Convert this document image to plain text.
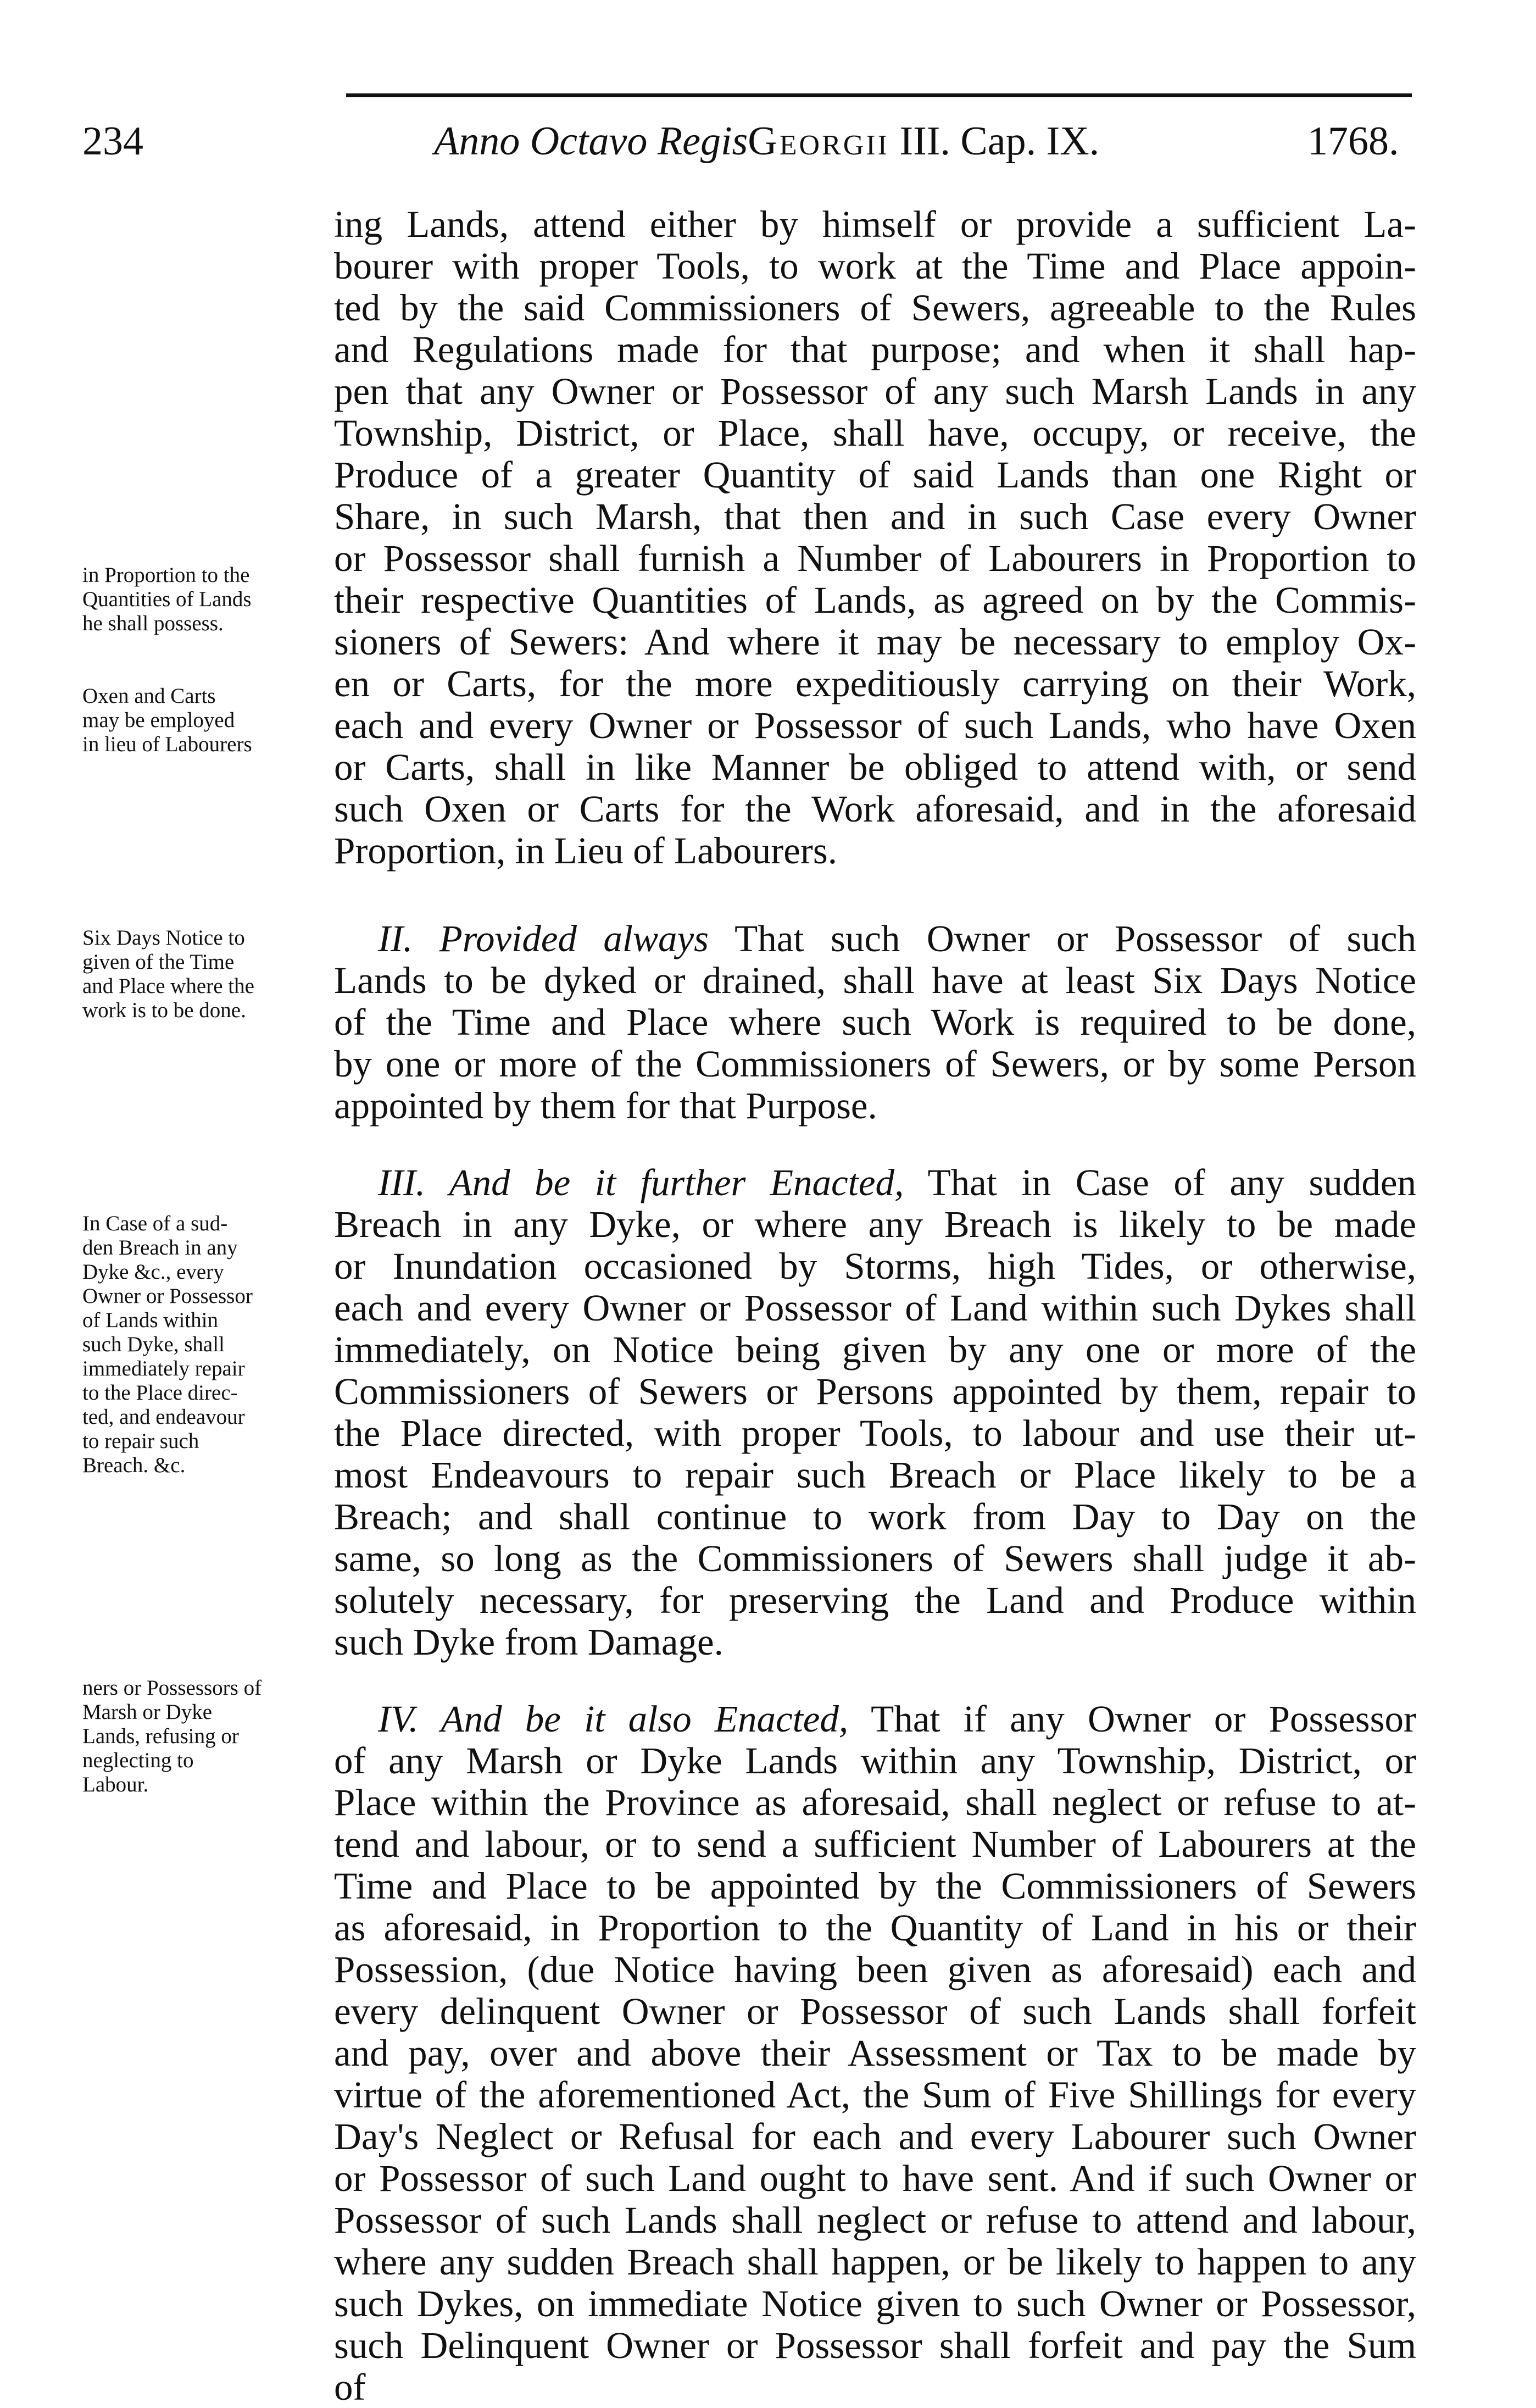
234	Anno Octavo RegisGeorgii III. Cap. IX.	1768.
ing Lands, attend either by himself or provide a sufficient La-
bourer with proper Tools, to work at the Time and Place appoin-
ted by the said Commissioners of Sewers, agreeable to the Rules
and Regulations made for that purpose; and when it shall hap-
pen that any Owner or Possessor of any such Marsh Lands in any
Township, District, or Place, shall have, occupy, or receive, the
Produce of a greater Quantity of said Lands than one Right or
Share, in such Marsh, that then and in such Case every Owner
or Possessor shall furnish a Number of Labourers in Proportion to
their respective Quantities of Lands, as agreed on by the Commis-
sioners of Sewers: And where it may be necessary to employ Ox-
en or Carts, for the more expeditiously carrying on their Work,
each and every Owner or Possessor of such Lands, who have Oxen
or Carts, shall in like Manner be obliged to attend with, or send
such Oxen or Carts for the Work aforesaid, and in the aforesaid
Proportion, in Lieu of Labourers.
II. Provided always That such Owner or Possessor of such
Lands to be dyked or drained, shall have at least Six Days Notice
of the Time and Place where such Work is required to be done,
by one or more of the Commissioners of Sewers, or by some Person
appointed by them for that Purpose.
III. And be it further Enacted, That in Case of any sudden
Breach in any Dyke, or where any Breach is likely to be made
or Inundation occasioned by Storms, high Tides, or otherwise,
each and every Owner or Possessor of Land within such Dykes shall
immediately, on Notice being given by any one or more of the
Commissioners of Sewers or Persons appointed by them, repair to
the Place directed, with proper Tools, to labour and use their ut-
most Endeavours to repair such Breach or Place likely to be a
Breach; and shall continue to work from Day to Day on the
same, so long as the Commissioners of Sewers shall judge it ab-
solutely necessary, for preserving the Land and Produce within
such Dyke from Damage.
IV. And be it also Enacted, That if any Owner or Possessor
of any Marsh or Dyke Lands within any Township, District, or
Place within the Province as aforesaid, shall neglect or refuse to at-
tend and labour, or to send a sufficient Number of Labourers at the
Time and Place to be appointed by the Commissioners of Sewers
as aforesaid, in Proportion to the Quantity of Land in his or their
Possession, (due Notice having been given as aforesaid) each and
every delinquent Owner or Possessor of such Lands shall forfeit
and pay, over and above their Assessment or Tax to be made by
virtue of the aforementioned Act, the Sum of Five Shillings for every
Day's Neglect or Refusal for each and every Labourer such Owner
or Possessor of such Land ought to have sent. And if such Owner or
Possessor of such Lands shall neglect or refuse to attend and labour,
where any sudden Breach shall happen, or be likely to happen to any
such Dykes, on immediate Notice given to such Owner or Possessor,
such Delinquent Owner or Possessor shall forfeit and pay the Sum
of
in Proportion to the
Quantities of Lands
he shall possess.
Oxen and Carts
may be employed
in lieu of Labourers
Six Days Notice to
given of the Time
and Place where the
work is to be done.
In Case of a sud-
den Breach in any
Dyke &c., every
Owner or Possessor
of Lands within
such Dyke, shall
immediately repair
to the Place direc-
ted, and endeavour
to repair such
Breach. &c.
ners or Possessors of
Marsh or Dyke
Lands, refusing or
neglecting to
Labour.
